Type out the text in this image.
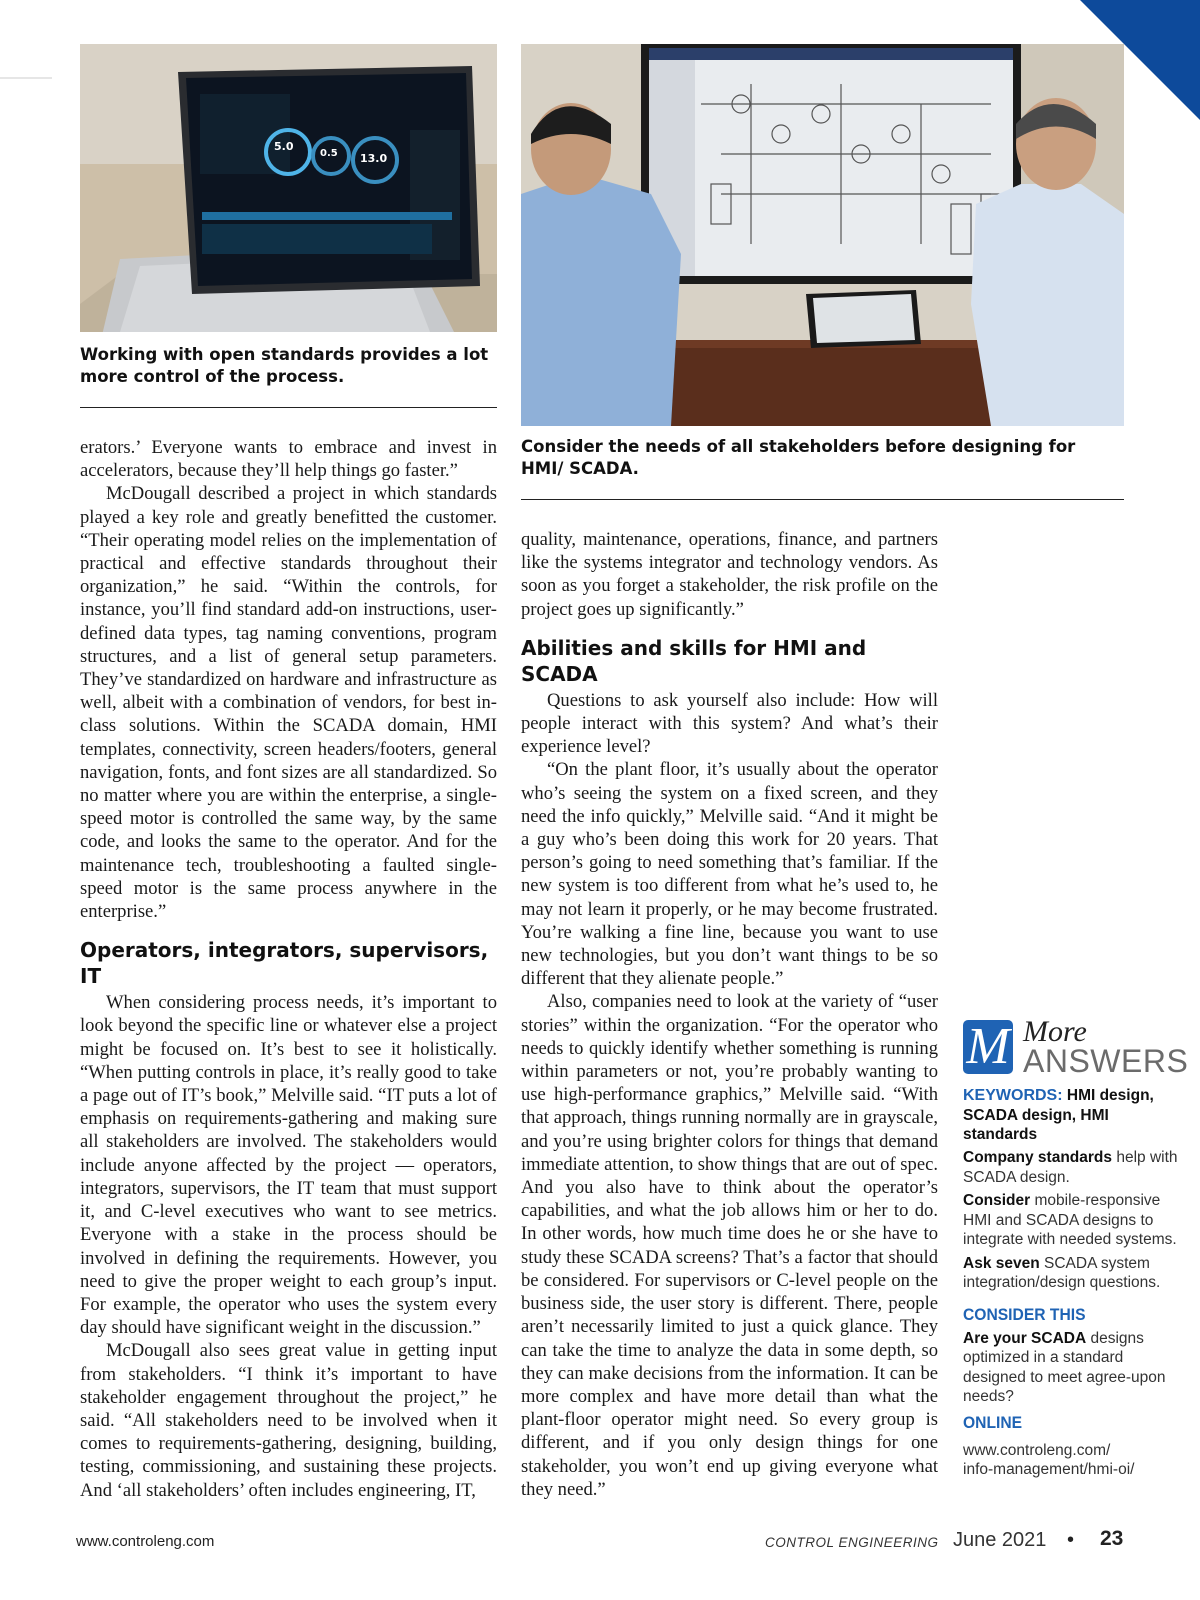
5.0
0.5 13.0
Working with open standards provides a lot more control of the process.
Consider the needs of all stakeholders before designing for HMI/ SCADA.

erators.’ Everyone wants to embrace and invest in accelerators, because they’ll help things go faster.”

McDougall described a project in which standards played a key role and greatly benefitted the customer. “Their operating model relies on the implementation of practical and effective standards throughout their organization,” he said. “Within the controls, for instance, you’ll find standard add-on instructions, user-defined data types, tag naming conventions, program structures, and a list of general setup parameters. They’ve standardized on hardware and infrastructure as well, albeit with a combination of vendors, for best in-class solutions. Within the SCADA domain, HMI templates, connectivity, screen headers/footers, general navigation, fonts, and font sizes are all standardized. So no matter where you are within the enterprise, a single-speed motor is controlled the same way, by the same code, and looks the same to the operator. And for the maintenance tech, troubleshooting a faulted single-speed motor is the same process anywhere in the enterprise.”

Operators, integrators, supervisors, IT

When considering process needs, it’s important to look beyond the specific line or whatever else a project might be focused on. It’s best to see it holistically. “When putting controls in place, it’s really good to take a page out of IT’s book,” Melville said. “IT puts a lot of emphasis on requirements-gathering and making sure all stakeholders are involved. The stakeholders would include anyone affected by the project — operators, integrators, supervisors, the IT team that must support it, and C-level executives who want to see metrics. Everyone with a stake in the process should be involved in defining the requirements. However, you need to give the proper weight to each group’s input. For example, the operator who uses the system every day should have significant weight in the discussion.”

McDougall also sees great value in getting input from stakeholders. “I think it’s important to have stakeholder engagement throughout the project,” he said. “All stakeholders need to be involved when it comes to requirements-gathering, designing, building, testing, commissioning, and sustaining these projects. And ‘all stakeholders’ often includes engineering, IT,

quality, maintenance, operations, finance, and partners like the systems integrator and technology vendors. As soon as you forget a stakeholder, the risk profile on the project goes up significantly.”

Abilities and skills for HMI and SCADA

Questions to ask yourself also include: How will people interact with this system? And what’s their experience level?

“On the plant floor, it’s usually about the operator who’s seeing the system on a fixed screen, and they need the info quickly,” Melville said. “And it might be a guy who’s been doing this work for 20 years. That person’s going to need something that’s familiar. If the new system is too different from what he’s used to, he may not learn it properly, or he may become frustrated. You’re walking a fine line, because you want to use new technologies, but you don’t want things to be so different that they alienate people.”

Also, companies need to look at the variety of “user stories” within the organization. “For the operator who needs to quickly identify whether something is running within parameters or not, you’re probably wanting to use high-performance graphics,” Melville said. “With that approach, things running normally are in grayscale, and you’re using brighter colors for things that demand immediate attention, to show things that are out of spec. And you also have to think about the operator’s capabilities, and what the job allows him or her to do. In other words, how much time does he or she have to study these SCADA screens? That’s a factor that should be considered. For supervisors or C-level people on the business side, the user story is different. There, people aren’t necessarily limited to just a quick glance. They can take the time to analyze the data in some depth, so they can make decisions from the information. It can be more complex and have more detail than what the plant-floor operator might need. So every group is different, and if you only design things for one stakeholder, you won’t end up giving everyone what they need.”

M More
ANSWERS
KEYWORDS: HMI design, SCADA design, HMI standards
Company standards help with SCADA design.
Consider mobile-responsive HMI and SCADA designs to integrate with needed systems.
Ask seven SCADA system integration/design questions.
CONSIDER THIS
Are your SCADA designs optimized in a standard designed to meet agree-upon needs?
ONLINE
www.controleng.com/
info-management/hmi-oi/
www.controleng.com	CONTROL ENGINEERING June 2021 • 23
